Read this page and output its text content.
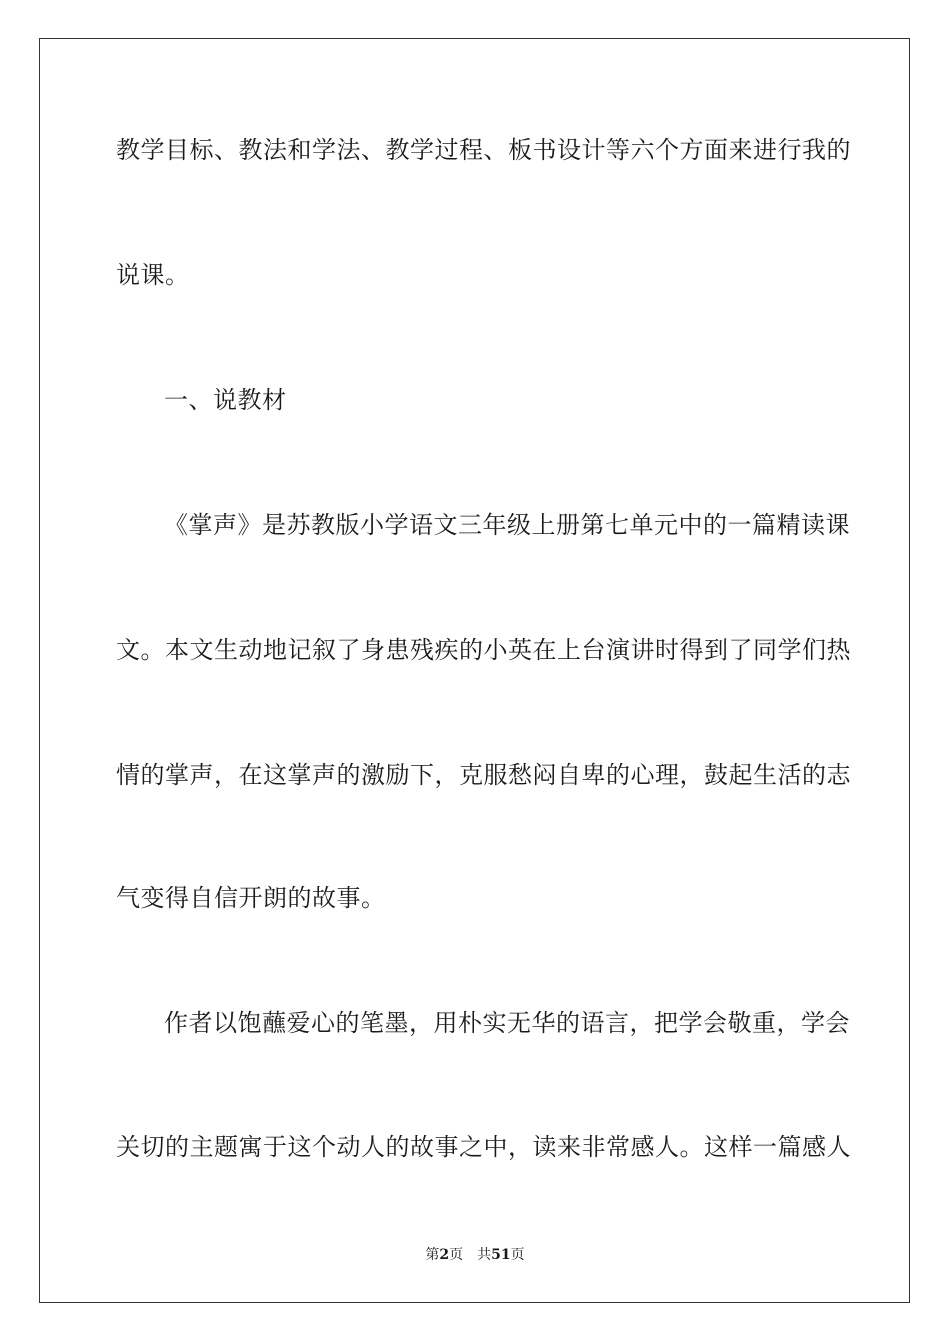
教学目标、教法和学法、教学过程、板书设计等六个方面来进行我的
说课。
一、说教材
《掌声》是苏教版小学语文三年级上册第七单元中的一篇精读课
文。本文生动地记叙了身患残疾的小英在上台演讲时得到了同学们热
情的掌声，在这掌声的激励下，克服愁闷自卑的心理，鼓起生活的志
气变得自信开朗的故事。
作者以饱蘸爱心的笔墨，用朴实无华的语言，把学会敬重，学会
关切的主题寓于这个动人的故事之中，读来非常感人。这样一篇感人
第2页 共51页
